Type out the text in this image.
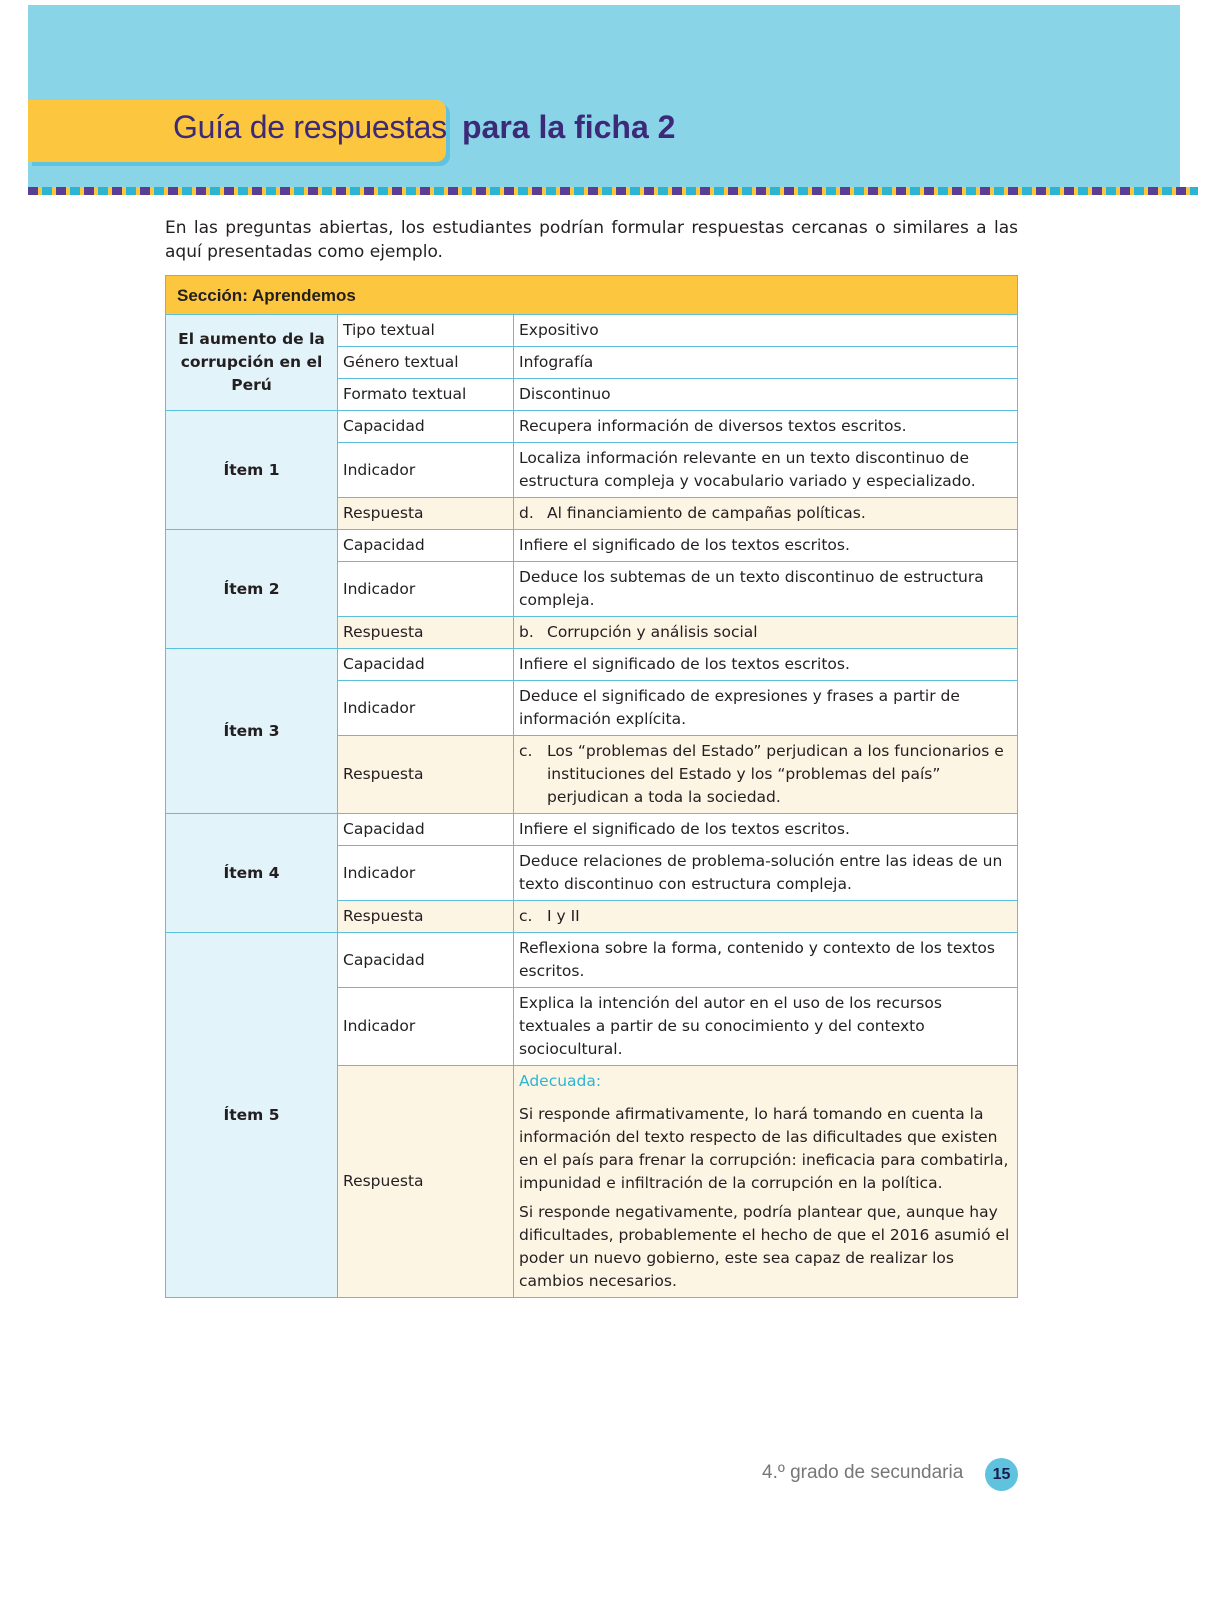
Guía de respuestas para la ficha 2
En las preguntas abiertas, los estudiantes podrían formular respuestas cercanas o similares a las aquí presentadas como ejemplo.
Sección: Aprendemos		
El aumento de la corrupción en el Perú	Tipo textual	Expositivo
	Género textual	Infografía
	Formato textual	Discontinuo
Ítem 1	Capacidad	Recupera información de diversos textos escritos.
	Indicador	Localiza información relevante en un texto discontinuo de estructura compleja y vocabulario variado y especializado.
	Respuesta	d. Al financiamiento de campañas políticas.

Ítem 2	Capacidad	Infiere el significado de los textos escritos.
	Indicador	Deduce los subtemas de un texto discontinuo de estructura compleja.
	Respuesta	b. Corrupción y análisis social

Ítem 3	Capacidad	Infiere el significado de los textos escritos.
	Indicador	Deduce el significado de expresiones y frases a partir de información explícita.
	Respuesta	c. Los “problemas del Estado” perjudican a los funcionarios e instituciones del Estado y los “problemas del país” perjudican a toda la sociedad.

Ítem 4	Capacidad	Infiere el significado de los textos escritos.
	Indicador	Deduce relaciones de problema-solución entre las ideas de un texto discontinuo con estructura compleja.
	Respuesta	c. I y II

Ítem 5	Capacidad	Reflexiona sobre la forma, contenido y contexto de los textos escritos.
	Indicador	Explica la intención del autor en el uso de los recursos textuales a partir de su conocimiento y del contexto sociocultural.
	Respuesta	Adecuada:
Si responde afirmativamente, lo hará tomando en cuenta la información del texto respecto de las dificultades que existen en el país para frenar la corrupción: ineficacia para combatirla, impunidad e infiltración de la corrupción en la política.
Si responde negativamente, podría plantear que, aunque hay dificultades, probablemente el hecho de que el 2016 asumió el poder un nuevo gobierno, este sea capaz de realizar los cambios necesarios.
4.º grado de secundaria	15
